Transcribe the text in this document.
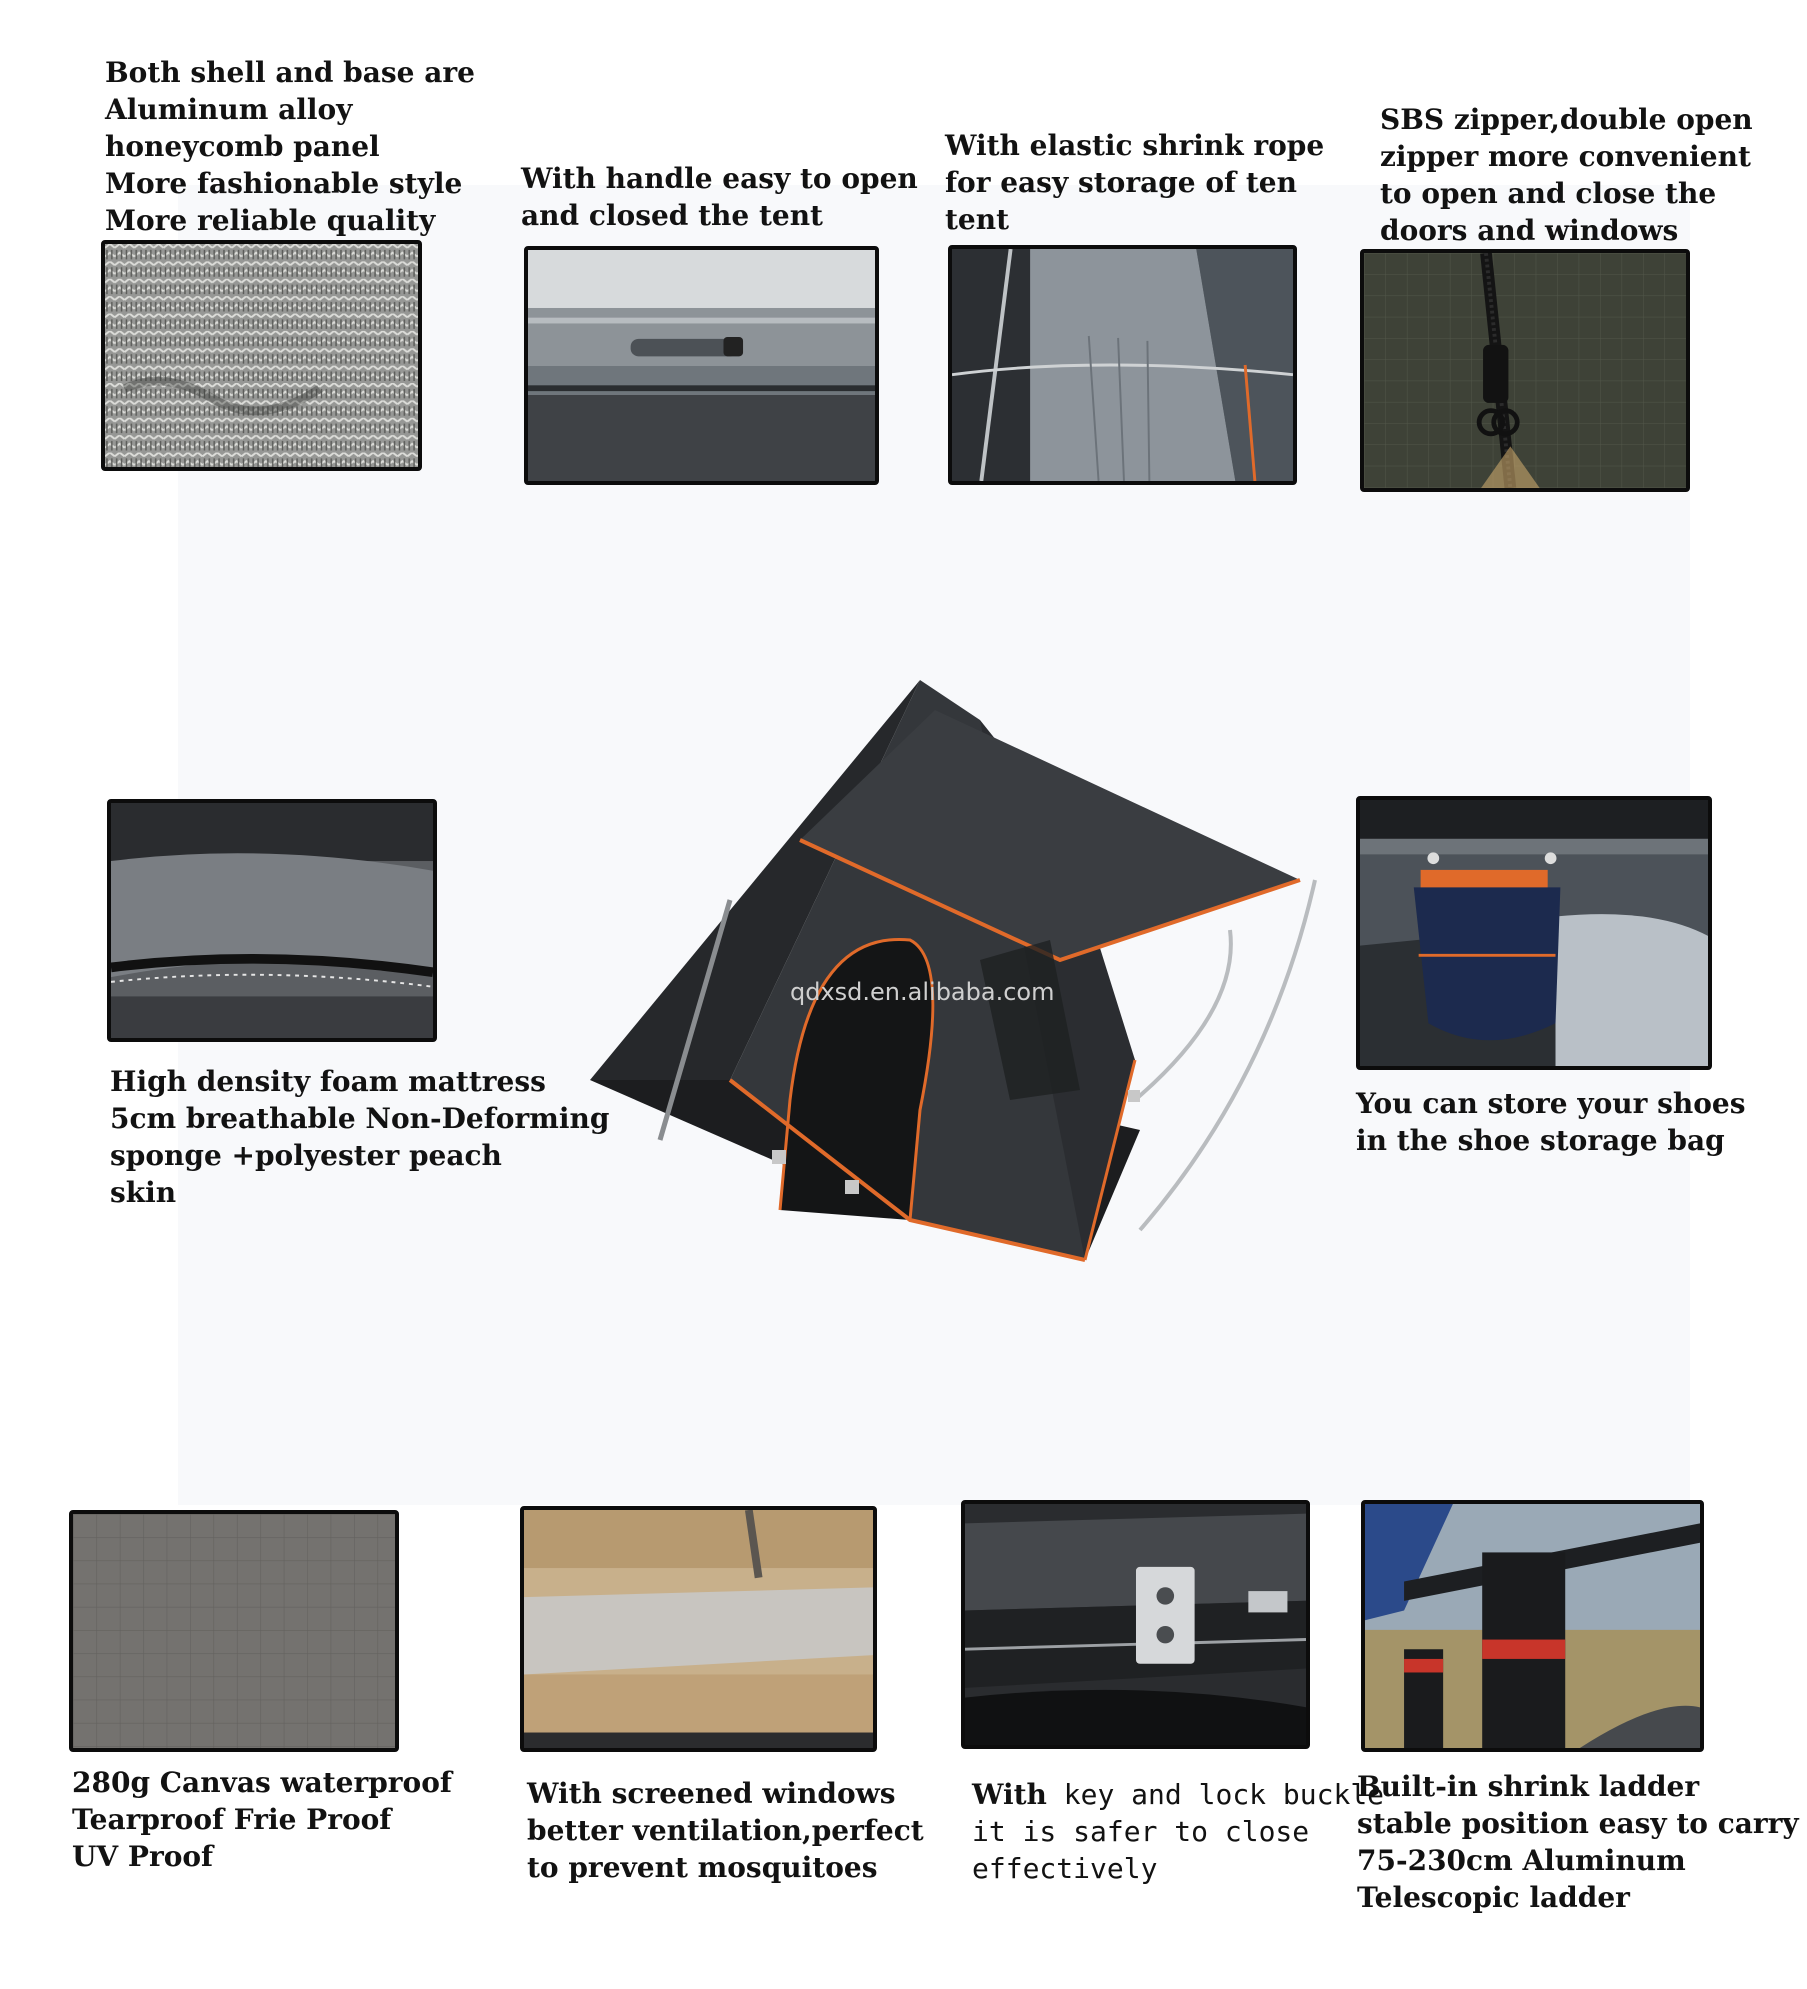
Both shell and base are
Aluminum alloy
honeycomb panel
More fashionable style
More reliable quality
With handle easy to open
and closed the tent
With elastic shrink rope
for easy storage of ten
tent
SBS zipper,double open
zipper more convenient
to open and close the
doors and windows
High density foam mattress
5cm breathable Non-Deforming
sponge +polyester peach
skin
qdxsd.en.alibaba.com
You can store your shoes
in the shoe storage bag
280g Canvas waterproof
Tearproof Frie Proof
UV Proof
With screened windows
better ventilation,perfect
to prevent mosquitoes
With key and lock buckle
it is safer to close
effectively
Built-in shrink ladder
stable position easy to carry
75-230cm Aluminum
Telescopic ladder
